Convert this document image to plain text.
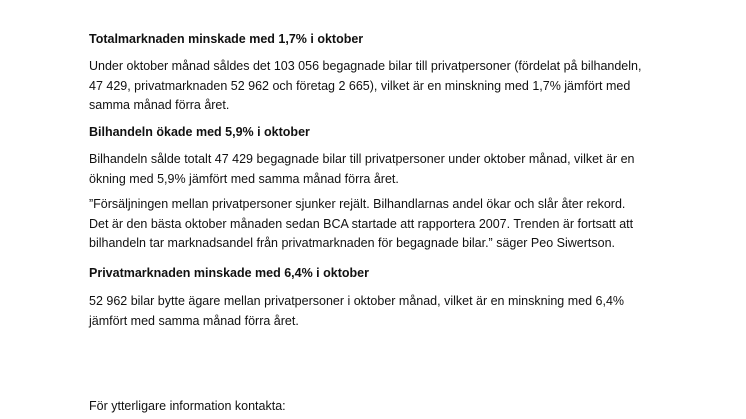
Totalmarknaden minskade med 1,7% i oktober
Under oktober månad såldes det 103 056 begagnade bilar till privatpersoner (fördelat på bilhandeln,
47 429, privatmarknaden 52 962 och företag 2 665), vilket är en minskning med 1,7% jämfört med
samma månad förra året.
Bilhandeln ökade med 5,9% i oktober
Bilhandeln sålde totalt 47 429 begagnade bilar till privatpersoner under oktober månad, vilket är en
ökning med 5,9% jämfört med samma månad förra året.
”Försäljningen mellan privatpersoner sjunker rejält. Bilhandlarnas andel ökar och slår åter rekord.
Det är den bästa oktober månaden sedan BCA startade att rapportera 2007. Trenden är fortsatt att
bilhandeln tar marknadsandel från privatmarknaden för begagnade bilar.” säger Peo Siwertson.
Privatmarknaden minskade med 6,4% i oktober
52 962 bilar bytte ägare mellan privatpersoner i oktober månad, vilket är en minskning med 6,4%
jämfört med samma månad förra året.
För ytterligare information kontakta:
